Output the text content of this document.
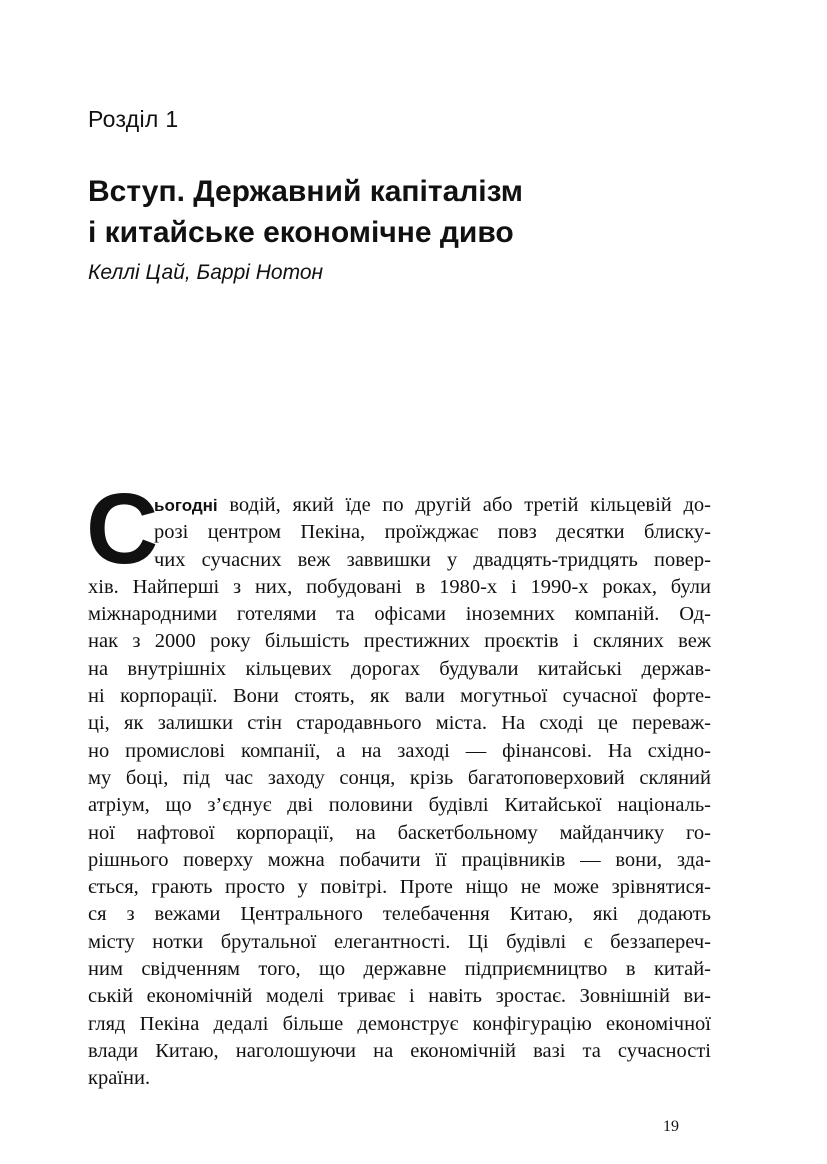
Розділ 1
Вступ. Державний капіталізм
і китайське економічне диво
Келлі Цай, Баррі Нотон
С

ьогодні водій, який їде по другій або третій кільцевій до-
розі центром Пекіна, проїжджає повз десятки блиску-
чих сучасних веж заввишки у двадцять-тридцять повер-
хів. Найперші з них, побудовані в 1980-х і 1990-х роках, були
міжнародними готелями та офісами іноземних компаній. Од-
нак з 2000 року більшість престижних проєктів і скляних веж
на внутрішніх кільцевих дорогах будували китайські держав-
ні корпорації. Вони стоять, як вали могутньої сучасної форте-
ці, як залишки стін стародавнього міста. На сході це переваж-
но промислові компанії, а на заході — фінансові. На східно-
му боці, під час заходу сонця, крізь багатоповерховий скляний
атріум, що з’єднує дві половини будівлі Китайської національ-
ної нафтової корпорації, на баскетбольному майданчику го-
рішнього поверху можна побачити її працівників — вони, зда-
ється, грають просто у повітрі. Проте ніщо не може зрівнятися-
ся з вежами Центрального телебачення Китаю, які додають
місту нотки брутальної елегантності. Ці будівлі є беззапереч-
ним свідченням того, що державне підприємництво в китай-
ській економічній моделі триває і навіть зростає. Зовнішній ви-
гляд Пекіна дедалі більше демонструє конфігурацію економічної
влади Китаю, наголошуючи на економічній вазі та сучасності
країни.

19
